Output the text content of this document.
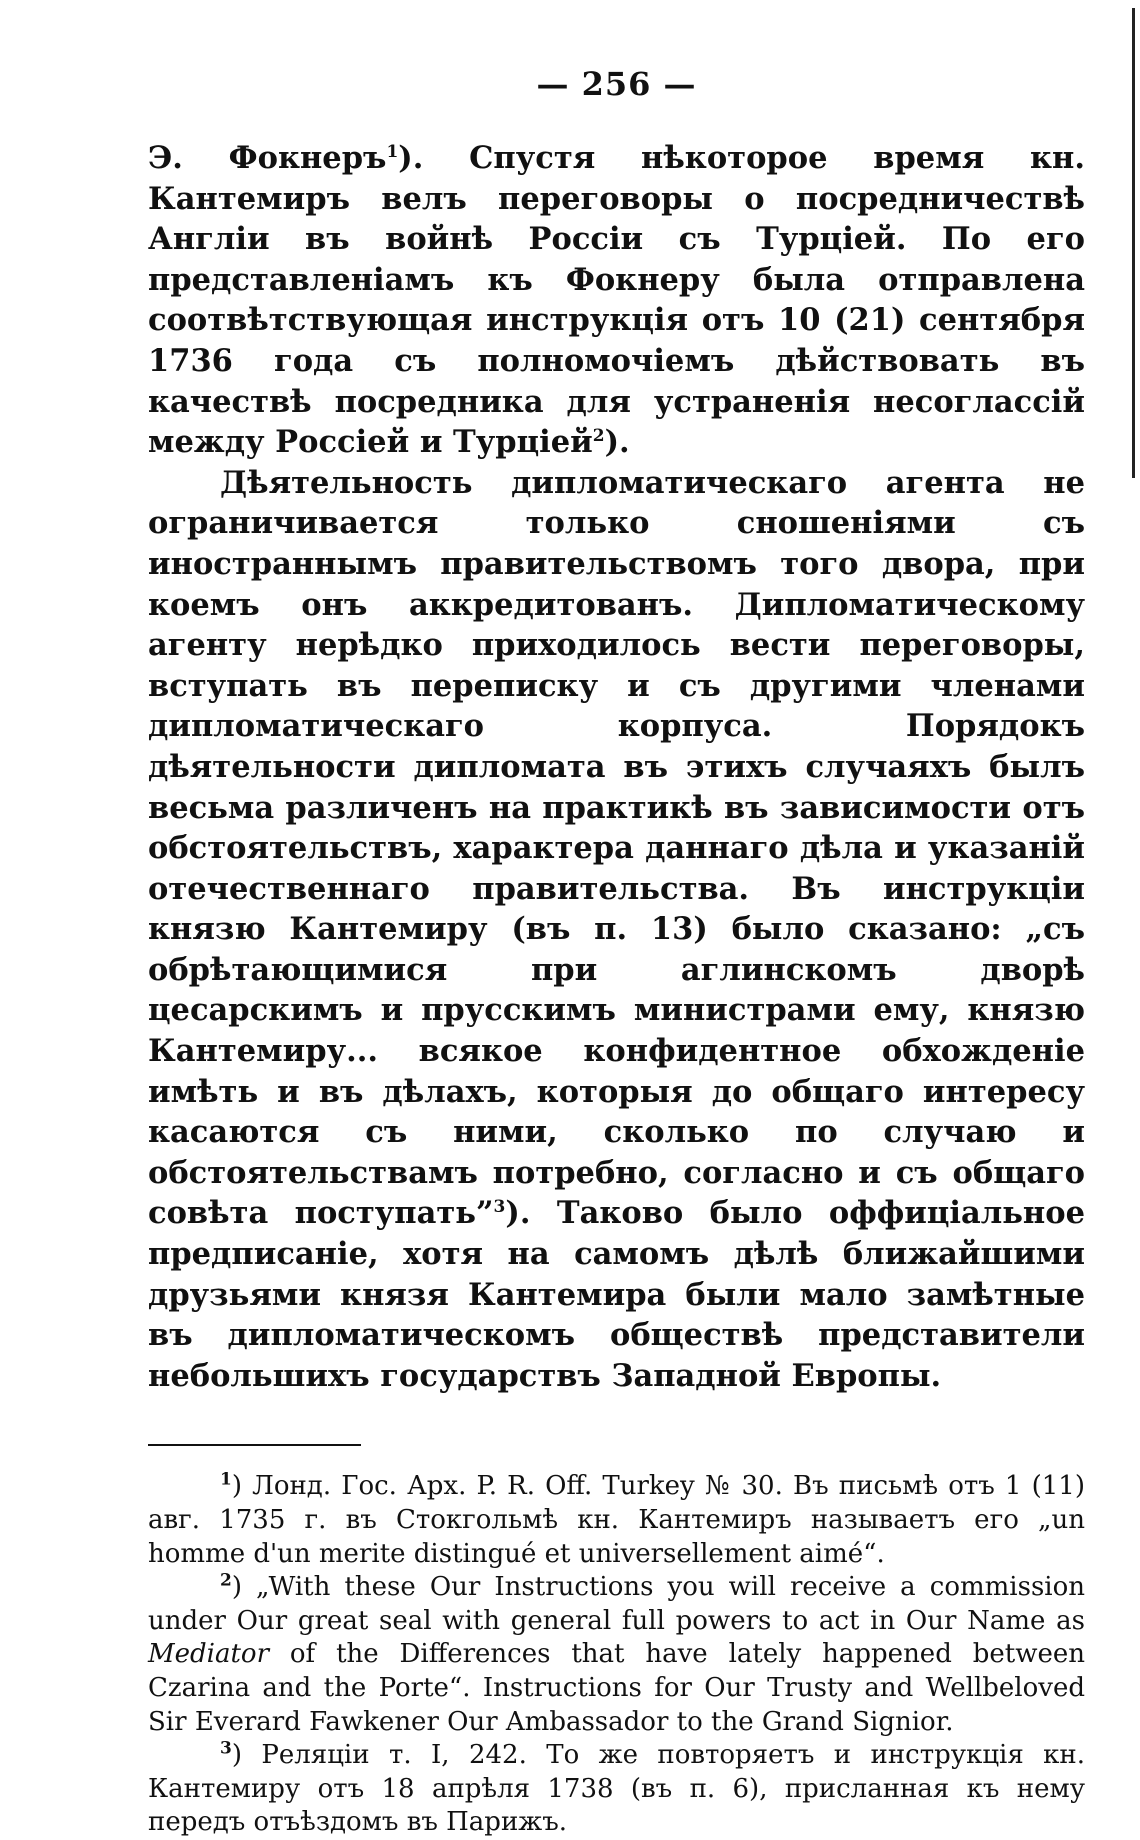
— 256 —

Э. Фокнеръ$^1$). Спустя нѣкоторое время кн. Кантемиръ велъ переговоры о посредничествѣ Англіи въ войнѣ Россіи съ Турціей. По его представленіамъ къ Фокнеру была отправлена соотвѣтствующая инструкція отъ 10 (21) сентября 1736 года съ полномочіемъ дѣйствовать въ качествѣ посредника для устраненія несоглассій между Россіей и Турціей$^2$).

Дѣятельность дипломатическаго агента не ограничивается только сношеніями съ иностраннымъ правительствомъ того двора, при коемъ онъ аккредитованъ. Дипломатическому агенту нерѣдко приходилось вести переговоры, вступать въ переписку и съ другими членами дипломатическаго корпуса. Порядокъ дѣятельности дипломата въ этихъ случаяхъ былъ весьма различенъ на практикѣ въ зависимости отъ обстоятельствъ, характера даннаго дѣла и указаній отечественнаго правительства. Въ инструкціи князю Кантемиру (въ п. 13) было сказано: „съ обрѣтающимися при аглинскомъ дворѣ цесарскимъ и прусскимъ министрами ему, князю Кантемиру... всякое конфидентное обхожденіе имѣть и въ дѣлахъ, которыя до общаго интересу касаются съ ними, сколько по случаю и обстоятельствамъ потребно, согласно и съ общаго совѣта поступать”$^3$). Таково было оффиціальное предписаніе, хотя на самомъ дѣлѣ ближайшими друзьями князя Кантемира были мало замѣтные въ дипломатическомъ обществѣ представители небольшихъ государствъ Западной Европы.

$^1$) Лонд. Гос. Арх. P. R. Off. Turkey № 30. Въ письмѣ отъ 1 (11) авг. 1735 г. въ Стокгольмѣ кн. Кантемиръ называетъ его „un homme d'un merite distingué et universellement aimé“.

$^2$) „With these Our Instructions you will receive a commission under Our great seal with general full powers to act in Our Name as Mediator of the Differences that have lately happened between Czarina and the Porte“. Instructions for Our Trusty and Wellbeloved Sir Everard Fawkener Our Ambassador to the Grand Signior.

$^3$) Реляціи т. I, 242. То же повторяетъ и инструкція кн. Кантемиру отъ 18 апрѣля 1738 (въ п. 6), присланная къ нему передъ отъѣздомъ въ Парижъ.
